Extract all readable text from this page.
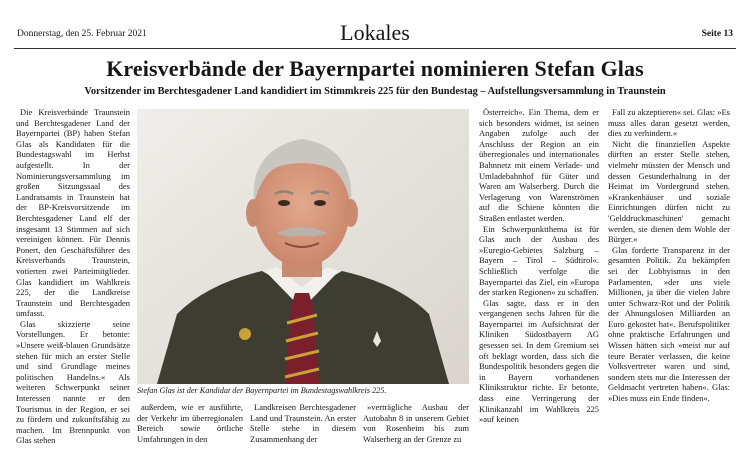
Donnerstag, den 25. Februar 2021	Lokales	Seite 13
Kreisverbände der Bayernpartei nominieren Stefan Glas
Vorsitzender im Berchtesgadener Land kandidiert im Stimmkreis 225 für den Bundestag – Aufstellungsversammlung in Traunstein

Die Kreisverbände Traunstein und Berchtesgadener Land der Bayernpartei (BP) haben Stefan Glas als Kandidaten für die Bundestagswahl im Herbst aufgestellt. In der Nominierungsversammlung im großen Sitzungssaal des Landratsamts in Traunstein hat der BP-Kreisvorsitzende im Berchtesgadener Land elf der insgesamt 13 Stimmen auf sich vereinigen können. Für Dennis Ponert, den Geschäftsführer des Kreisverbands Traunstein, votierten zwei Parteimitglieder. Glas kandidiert im Wahlkreis 225, der die Landkreise Traunstein und Berchtesgaden umfasst.

Glas skizzierte seine Vorstellungen. Er betonte: »Unsere weiß-blauen Grundsätze stehen für mich an erster Stelle und sind Grundlage meines politischen Handelns.« Als weiteren Schwerpunkt seiner Interessen nannte er den Tourismus in der Region, er sei zu fördern und zukunftsfähig zu machen. Im Brennpunkt von Glas stehen

Stefan Glas ist der Kandidat der Bayernpartei im Bundestagswahlkreis 225.

außerdem, wie er ausführte, der Verkehr im überregionalen Bereich sowie örtliche Umfahrungen in den

Landkreisen Berchtesgadener Land und Traunstein. An erster Stelle stehe in diesem Zusammenhang der

»verträgliche Ausbau der Autobahn 8 in unserem Gebiet von Rosenheim bis zum Walserberg an der Grenze zu

Österreich«. Ein Thema, dem er sich besonders widmet, ist seinen Angaben zufolge auch der Anschluss der Region an ein überregionales und internationales Bahnnetz mit einem Verlade- und Umladebahnhof für Güter und Waren am Walserberg. Durch die Verlagerung von Warenströmen auf die Schiene könnten die Straßen entlastet werden.

Ein Schwerpunktthema ist für Glas auch der Ausbau des »Euregio-Gebietes Salzburg – Bayern – Tirol – Südtirol«. Schließlich verfolge die Bayernpartei das Ziel, ein »Europa der starken Regionen« zu schaffen.

Glas sagte, dass er in den vergangenen sechs Jahren für die Bayernpartei im Aufsichtsrat der Kliniken Südostbayern AG gesessen sei. In dem Gremium sei oft beklagt worden, dass sich die Bundespolitik besonders gegen die in Bayern vorhandenen Klinikstruktur richte. Er betonte, dass eine Verringerung der Klinikanzahl im Wahlkreis 225 »auf keinen

Fall zu akzeptieren« sei. Glas: »Es muss alles daran gesetzt werden, dies zu verhindern.«

Nicht die finanziellen Aspekte dürften an erster Stelle stehen, vielmehr müssten der Mensch und dessen Gesunderhaltung in der Heimat im Vordergrund stehen. »Krankenhäuser und soziale Einrichtungen dürfen nicht zu 'Gelddruckmaschinen' gemacht werden, sie dienen dem Wohle der Bürger.«

Glas forderte Transparenz in der gesamten Politik. Zu bekämpfen sei der Lobbyismus in den Parlamenten, »der uns viele Millionen, ja über die vielen Jahre unter Schwarz-Rot und der Politik der Ahnungslosen Milliarden an Euro gekostet hat«. Berufspolitiker ohne praktische Erfahrungen und Wissen hätten sich »meist nur auf teure Berater verlassen, die keine Volksvertreter waren und sind, sondern stets nur die Interessen der Geldmacht vertreten haben«. Glas: »Dies muss ein Ende finden«.
